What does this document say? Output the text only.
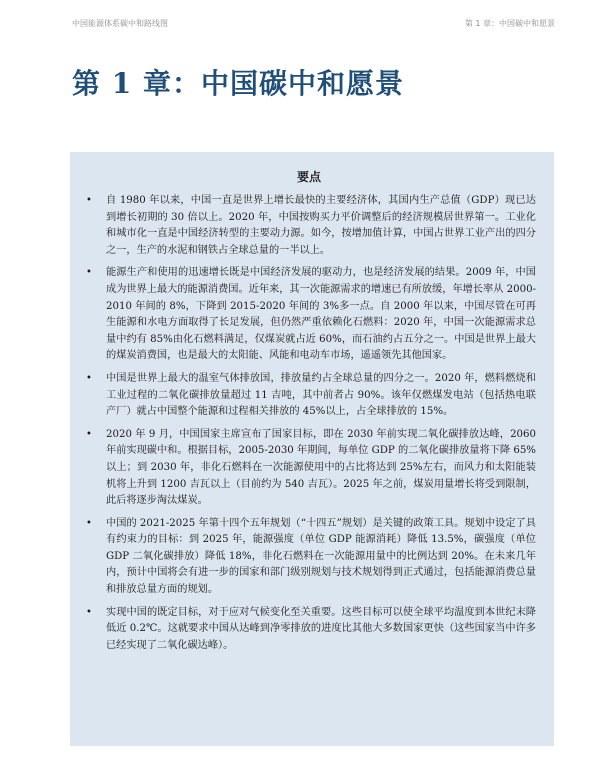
中国能源体系碳中和路线图	第 1 章：中国碳中和愿景
第 1 章：中国碳中和愿景
要点
• 自 1980 年以来，中国一直是世界上增长最快的主要经济体，其国内生产总值（GDP）现已达到增长初期的 30 倍以上。2020 年，中国按购买力平价调整后的经济规模居世界第一。工业化和城市化一直是中国经济转型的主要动力源。如今，按增加值计算，中国占世界工业产出的四分之一，生产的水泥和钢铁占全球总量的一半以上。
• 能源生产和使用的迅速增长既是中国经济发展的驱动力，也是经济发展的结果。2009 年，中国成为世界上最大的能源消费国。近年来，其一次能源需求的增速已有所放缓，年增长率从 2000-2010 年间的 8%，下降到 2015-2020 年间的 3%多一点。自 2000 年以来，中国尽管在可再生能源和水电方面取得了长足发展，但仍然严重依赖化石燃料：2020 年，中国一次能源需求总量中约有 85%由化石燃料满足，仅煤炭就占近 60%，而石油约占五分之一。中国是世界上最大的煤炭消费国，也是最大的太阳能、风能和电动车市场，遥遥领先其他国家。
• 中国是世界上最大的温室气体排放国，排放量约占全球总量的四分之一。2020 年，燃料燃烧和工业过程的二氧化碳排放量超过 11 吉吨，其中前者占 90%。该年仅燃煤发电站（包括热电联产厂）就占中国整个能源和过程相关排放的 45%以上，占全球排放的 15%。
• 2020 年 9 月，中国国家主席宣布了国家目标，即在 2030 年前实现二氧化碳排放达峰，2060 年前实现碳中和。根据目标，2005-2030 年期间，每单位 GDP 的二氧化碳排放量将下降 65%以上；到 2030 年，非化石燃料在一次能源使用中的占比将达到 25%左右，而风力和太阳能装机将上升到 1200 吉瓦以上（目前约为 540 吉瓦）。2025 年之前，煤炭用量增长将受到限制，此后将逐步淘汰煤炭。
• 中国的 2021-2025 年第十四个五年规划（“十四五”规划）是关键的政策工具。规划中设定了具有约束力的目标：到 2025 年，能源强度（单位 GDP 能源消耗）降低 13.5%，碳强度（单位 GDP 二氧化碳排放）降低 18%，非化石燃料在一次能源用量中的比例达到 20%。在未来几年内，预计中国将会有进一步的国家和部门级别规划与技术规划得到正式通过，包括能源消费总量和排放总量方面的规划。
• 实现中国的既定目标，对于应对气候变化至关重要。这些目标可以使全球平均温度到本世纪末降低近 0.2℃。这就要求中国从达峰到净零排放的进度比其他大多数国家更快（这些国家当中许多已经实现了二氧化碳达峰）。
